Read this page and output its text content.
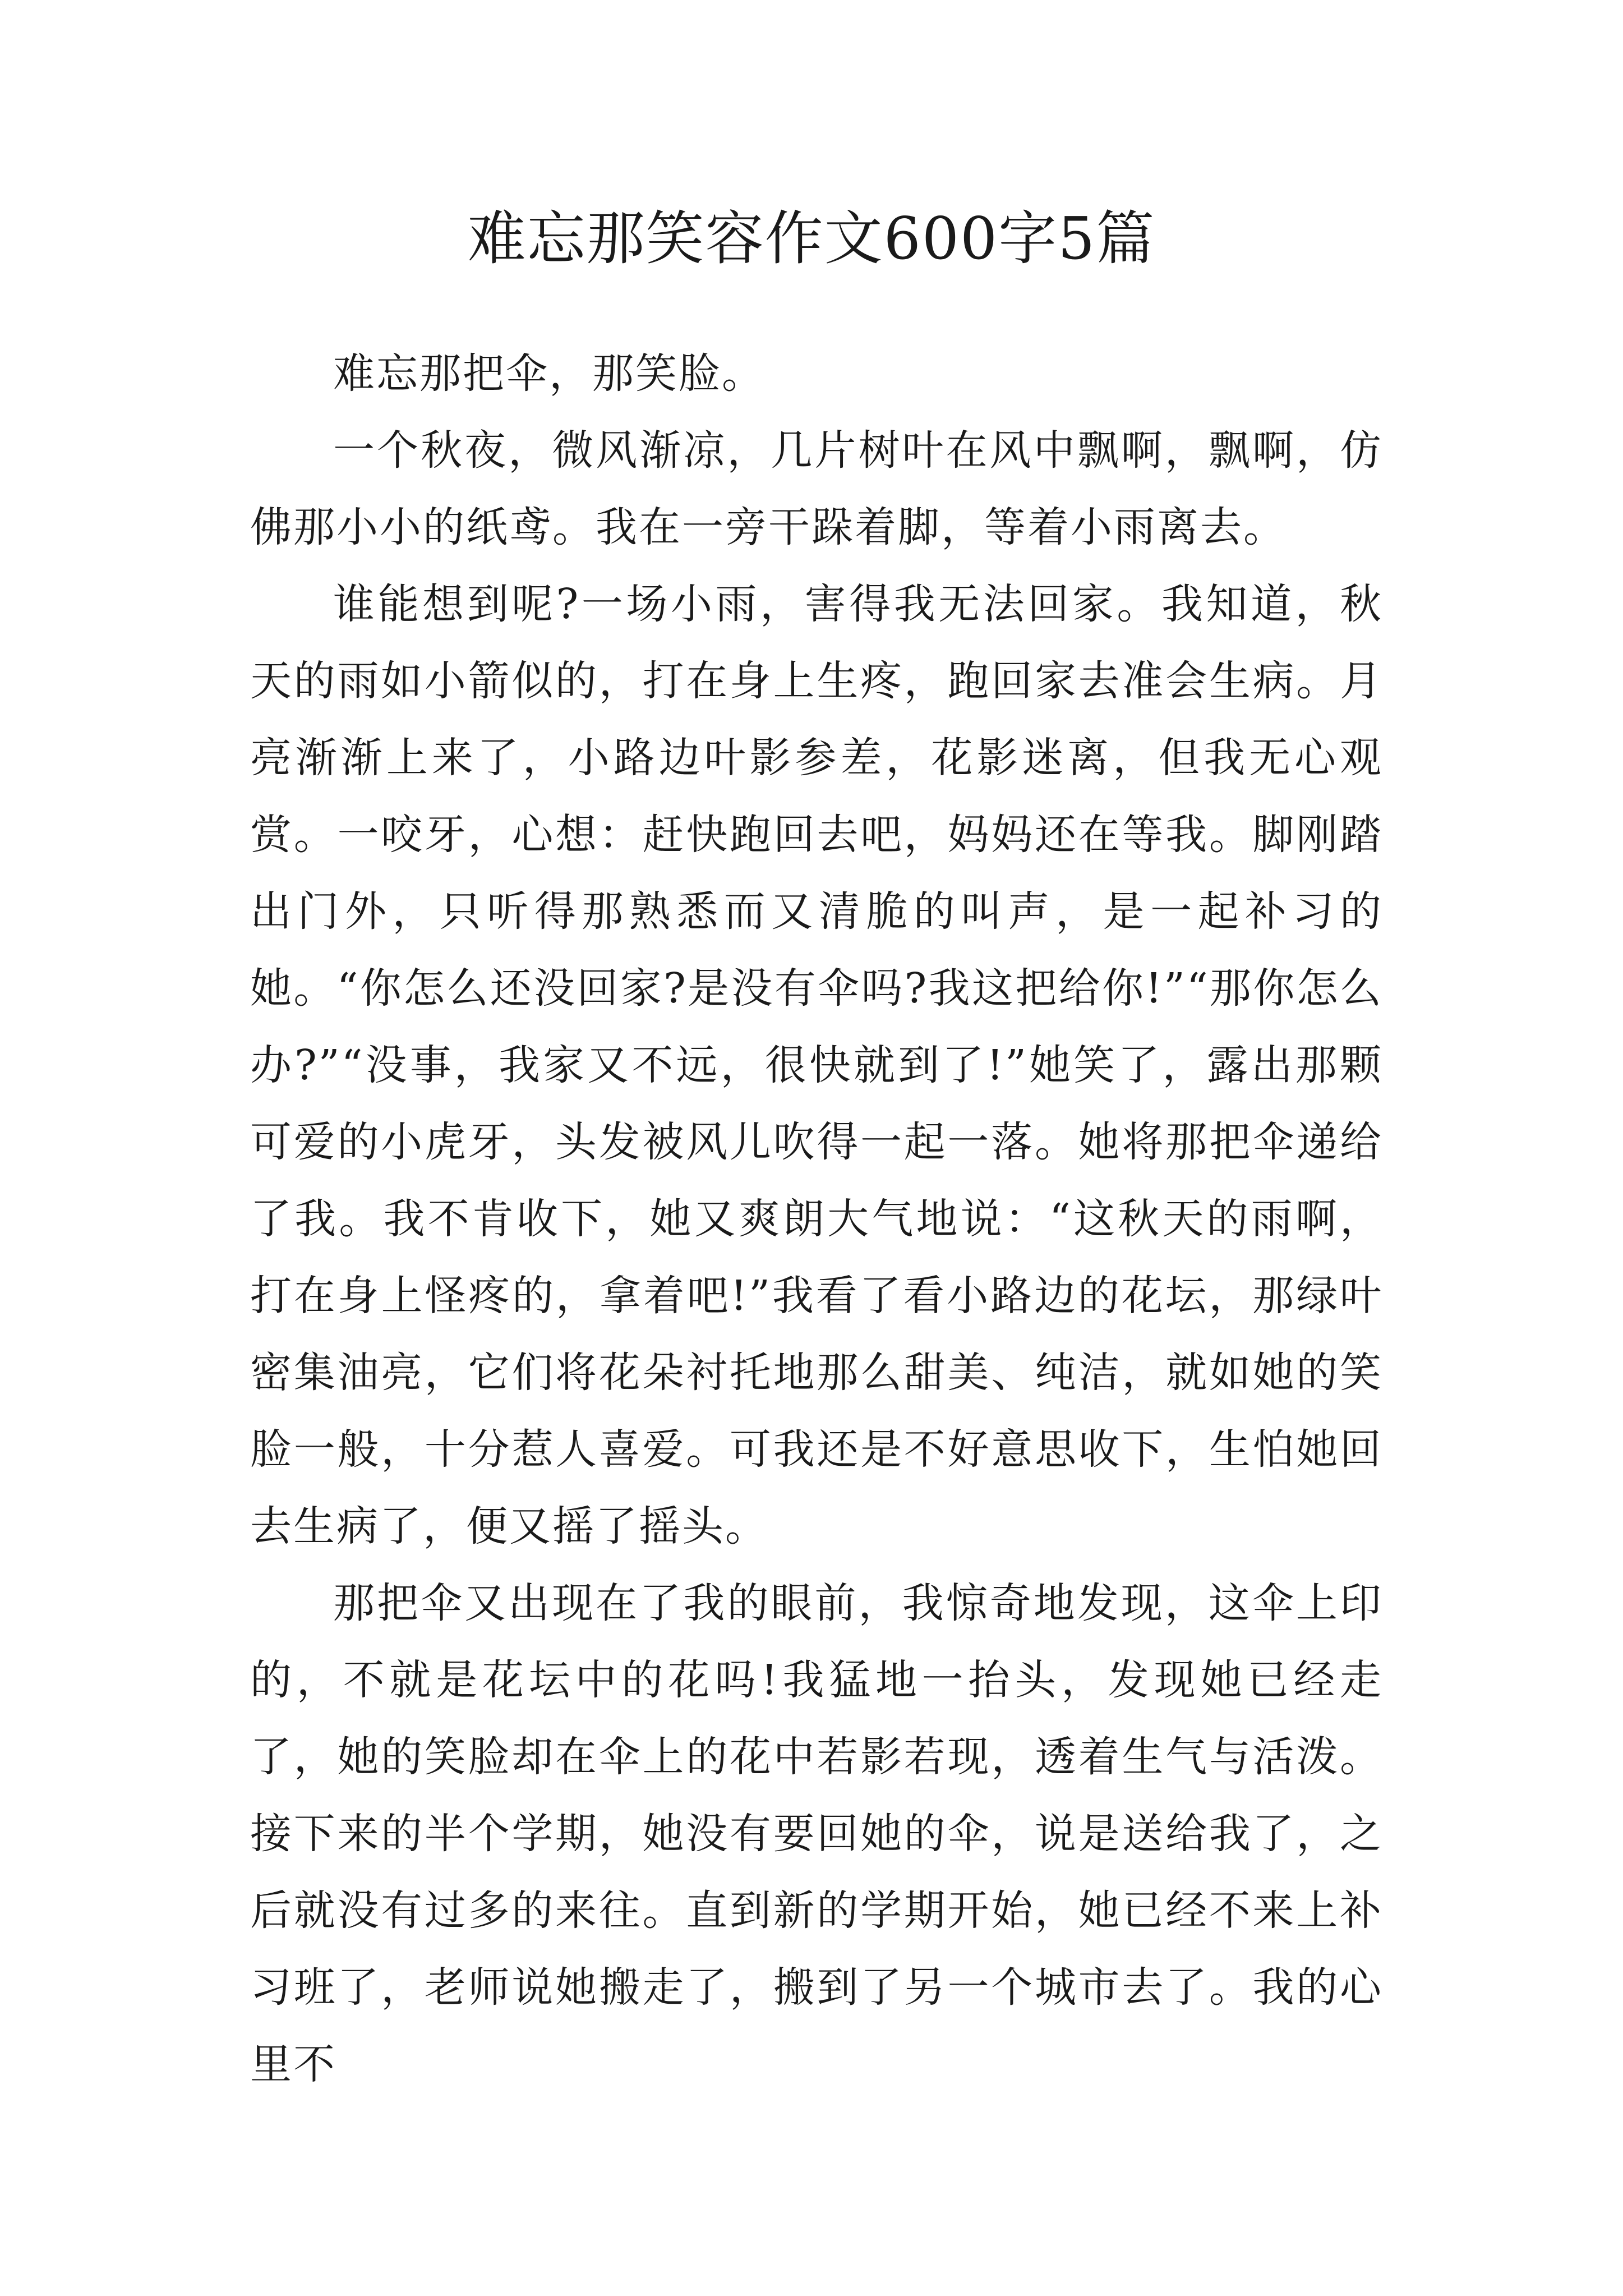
难忘那笑容作文600字5篇

难忘那把伞，那笑脸。

一个秋夜，微风渐凉，几片树叶在风中飘啊，飘啊，仿佛那小小的纸鸢。我在一旁干跺着脚，等着小雨离去。

谁能想到呢?一场小雨，害得我无法回家。我知道，秋天的雨如小箭似的，打在身上生疼，跑回家去准会生病。月亮渐渐上来了，小路边叶影参差，花影迷离，但我无心观赏。一咬牙，心想：赶快跑回去吧，妈妈还在等我。脚刚踏出门外，只听得那熟悉而又清脆的叫声，是一起补习的她。“你怎么还没回家?是没有伞吗?我这把给你!”“那你怎么办?”“没事，我家又不远，很快就到了!”她笑了，露出那颗可爱的小虎牙，头发被风儿吹得一起一落。她将那把伞递给了我。我不肯收下，她又爽朗大气地说：“这秋天的雨啊，打在身上怪疼的，拿着吧!”我看了看小路边的花坛，那绿叶密集油亮，它们将花朵衬托地那么甜美、纯洁，就如她的笑脸一般，十分惹人喜爱。可我还是不好意思收下，生怕她回去生病了，便又摇了摇头。

那把伞又出现在了我的眼前，我惊奇地发现，这伞上印的，不就是花坛中的花吗!我猛地一抬头，发现她已经走了，她的笑脸却在伞上的花中若影若现，透着生气与活泼。接下来的半个学期，她没有要回她的伞，说是送给我了，之后就没有过多的来往。直到新的学期开始，她已经不来上补习班了，老师说她搬走了，搬到了另一个城市去了。我的心里不
